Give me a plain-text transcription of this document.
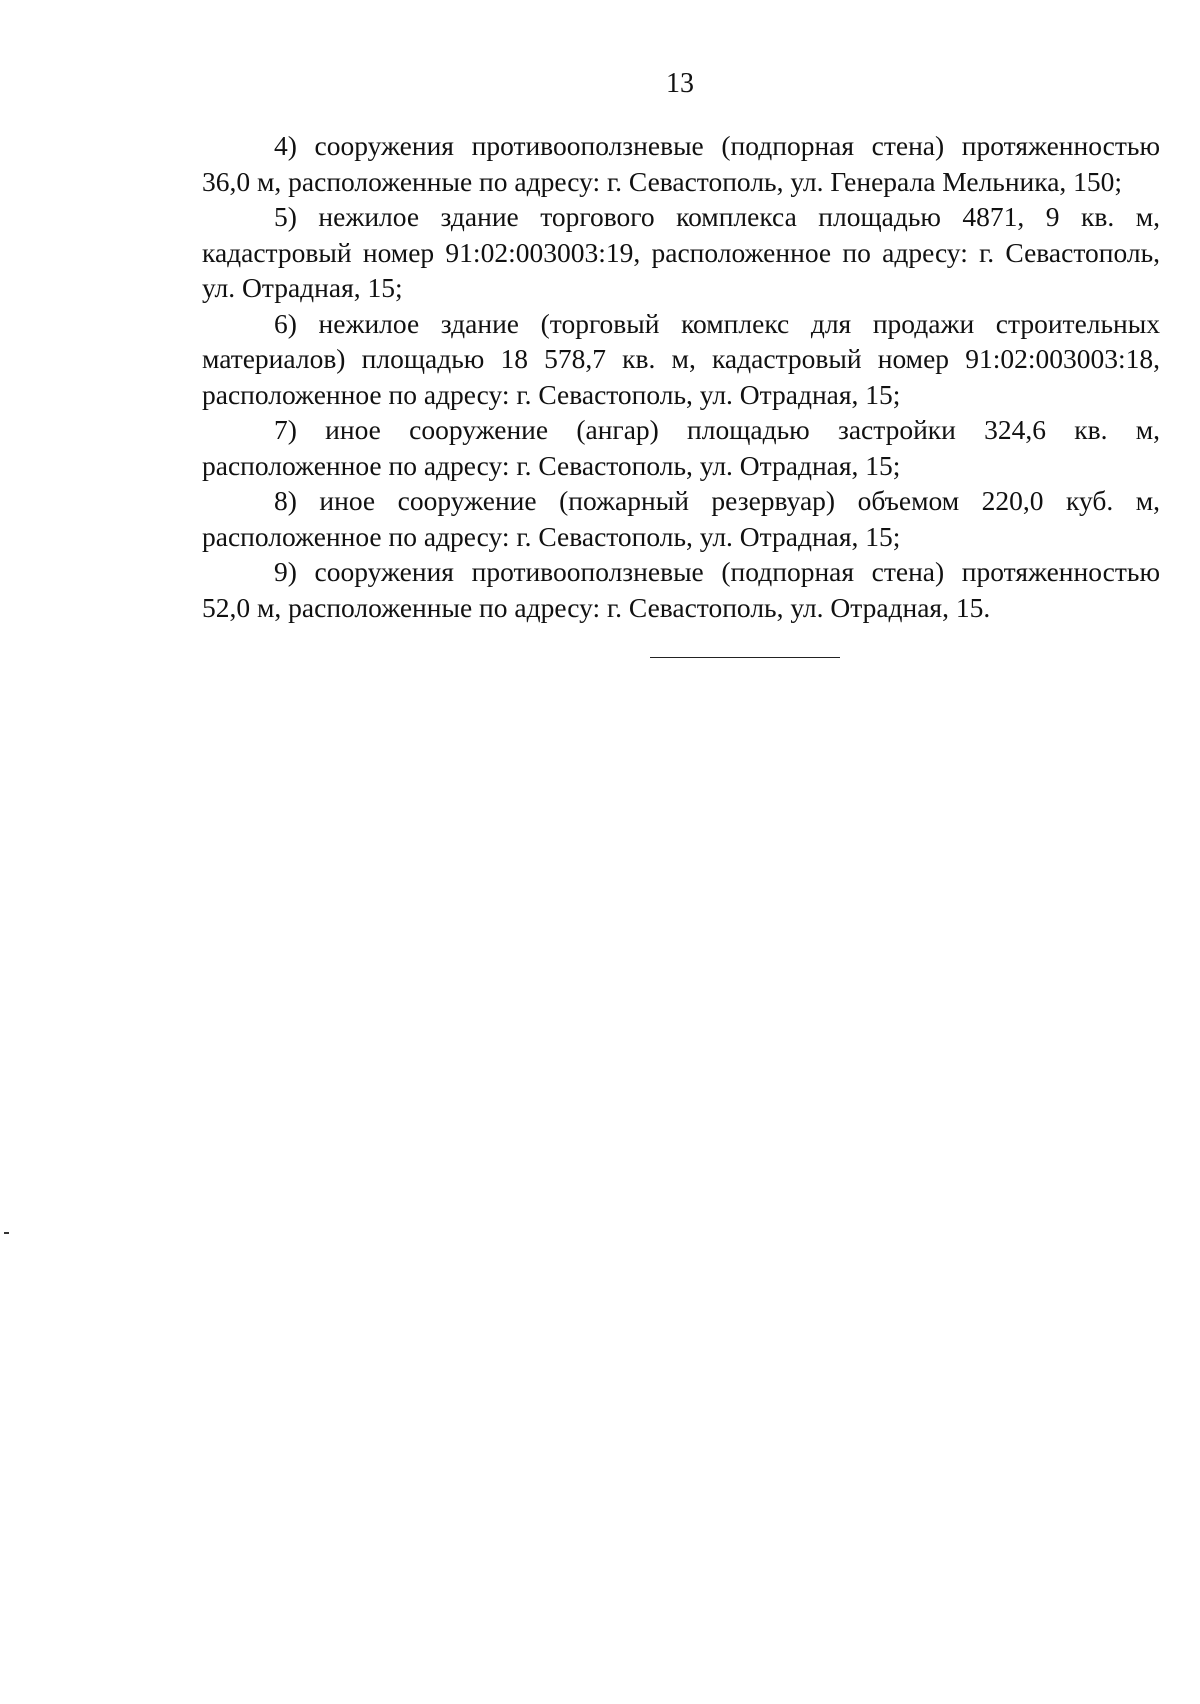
13

4) сооружения противооползневые (подпорная стена) протяженностью 36,0 м, расположенные по адресу: г. Севастополь, ул. Генерала Мельника, 150;

5) нежилое здание торгового комплекса площадью 4871, 9 кв. м, кадастровый номер 91:02:003003:19, расположенное по адресу: г. Севастополь, ул. Отрадная, 15;

6) нежилое здание (торговый комплекс для продажи строительных материалов) площадью 18 578,7 кв. м, кадастровый номер 91:02:003003:18, расположенное по адресу: г. Севастополь, ул. Отрадная, 15;

7) иное сооружение (ангар) площадью застройки 324,6 кв. м, расположенное по адресу: г. Севастополь, ул. Отрадная, 15;

8) иное сооружение (пожарный резервуар) объемом 220,0 куб. м, расположенное по адресу: г. Севастополь, ул. Отрадная, 15;

9) сооружения противооползневые (подпорная стена) протяженностью 52,0 м, расположенные по адресу: г. Севастополь, ул. Отрадная, 15.
